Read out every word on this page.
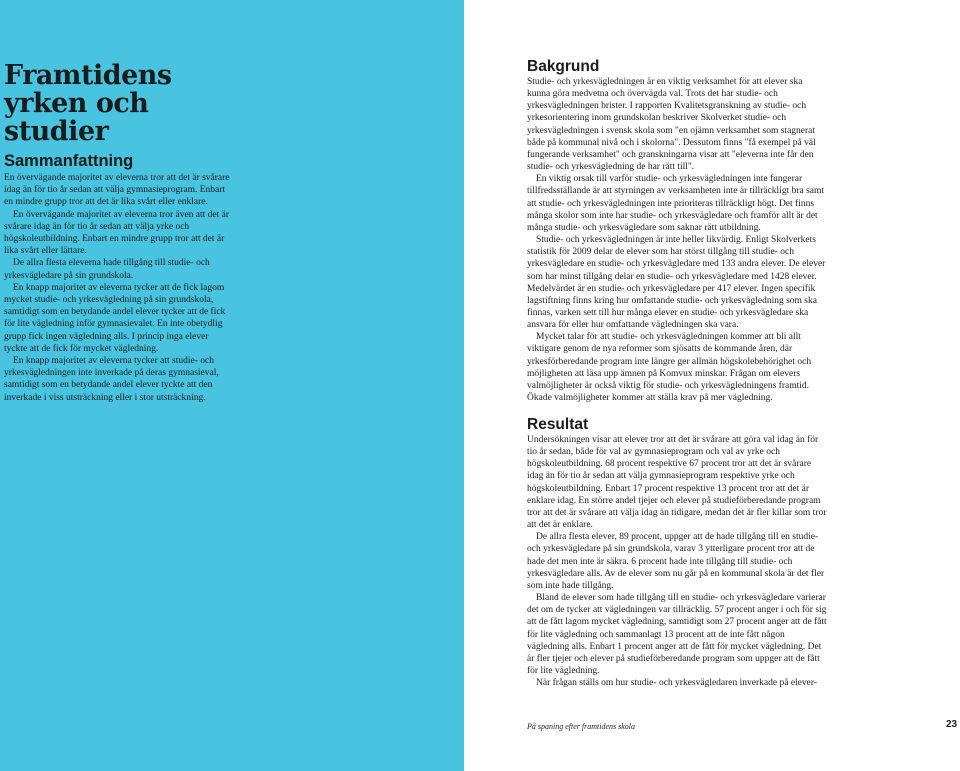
Framtidens
yrken och
studier
Sammanfattning

En övervägande majoritet av eleverna tror att det är svårare idag än för tio år sedan att välja gymnasieprogram. Enbart en mindre grupp tror att det är lika svårt eller enklare.

En övervägande majoritet av eleverna tror även att det är svårare idag än för tio år sedan att välja yrke och högskoleutbildning. Enbart en mindre grupp tror att det är lika svårt eller lättare.

De allra flesta eleverna hade tillgång till studie- och yrkesvägledare på sin grundskola.

En knapp majoritet av eleverna tycker att de fick lagom mycket studie- och yrkesvägledning på sin grundskola, samtidigt som en betydande andel elever tycker att de fick för lite vägledning inför gymnasievalet. En inte obetydlig grupp fick ingen vägledning alls. I princip inga elever tyckte att de fick för mycket vägledning.

En knapp majoritet av eleverna tycker att studie- och yrkesvägledningen inte inverkade på deras gymnasieval, samtidigt som en betydande andel elever tyckte att den inverkade i viss utsträckning eller i stor utsträckning.

Bakgrund

Studie- och yrkesvägledningen är en viktig verksamhet för att elever ska kunna göra medvetna och övervägda val. Trots det har studie- och yrkesvägledningen brister. I rapporten Kvalitetsgranskning av studie- och yrkesorientering inom grundskolan beskriver Skolverket studie- och yrkesvägledningen i svensk skola som "en ojämn verksamhet som stagnerat både på kommunal nivå och i skolorna". Dessutom finns "få exempel på väl fungerande verksamhet" och granskningarna visar att "eleverna inte får den studie- och yrkesvägledning de har rätt till".

En viktig orsak till varför studie- och yrkesvägledningen inte fungerar tillfredsställande är att styrningen av verksamheten inte är tillräckligt bra samt att studie- och yrkesvägledningen inte prioriteras tillräckligt högt. Det finns många skolor som inte har studie- och yrkesvägledare och framför allt är det många studie- och yrkesvägledare som saknar rätt utbildning.

Studie- och yrkesvägledningen är inte heller likvärdig. Enligt Skolverkets statistik för 2009 delar de elever som har störst tillgång till studie- och yrkesvägledare en studie- och yrkesvägledare med 133 andra elever. De elever som har minst tillgång delar en studie- och yrkesvägledare med 1428 elever. Medelvärdet är en studie- och yrkesvägledare per 417 elever. Ingen specifik lagstiftning finns kring hur omfattande studie- och yrkesvägledning som ska finnas, varken sett till hur många elever en studie- och yrkesvägledare ska ansvara för eller hur omfattande vägledningen ska vara.

Mycket talar för att studie- och yrkesvägledningen kommer att bli allt viktigare genom de nya reformer som sjösatts de kommande åren, där yrkesförberedande program inte längre ger allmän högskolebehörighet och möjligheten att läsa upp ämnen på Komvux minskar. Frågan om elevers valmöjligheter är också viktig för studie- och yrkesvägledningens framtid. Ökade valmöjligheter kommer att ställa krav på mer vägledning.

Resultat

Undersökningen visar att elever tror att det är svårare att göra val idag än för tio år sedan, både för val av gymnasieprogram och val av yrke och högskoleutbildning. 68 procent respektive 67 procent tror att det är svårare idag än för tio år sedan att välja gymnasieprogram respektive yrke och högskoleutbildning. Enbart 17 procent respektive 13 procent tror att det är enklare idag. En större andel tjejer och elever på studieförberedande program tror att det är svårare att välja idag än tidigare, medan det är fler killar som tror att det är enklare.

De allra flesta elever, 89 procent, uppger att de hade tillgång till en studie- och yrkesvägledare på sin grundskola, varav 3 ytterligare procent tror att de hade det men inte är säkra. 6 procent hade inte tillgång till studie- och yrkesvägledare alls. Av de elever som nu går på en kommunal skola är det fler som inte hade tillgång.

Bland de elever som hade tillgång till en studie- och yrkesvägledare varierar det om de tycker att vägledningen var tillräcklig. 57 procent anger i och för sig att de fått lagom mycket vägledning, samtidigt som 27 procent anger att de fått för lite vägledning och sammanlagt 13 procent att de inte fått någon vägledning alls. Enbart 1 procent anger att de fått för mycket vägledning. Det är fler tjejer och elever på studieförberedande program som uppger att de fått för lite vägledning.

När frågan ställs om hur studie- och yrkesvägledaren inverkade på elever-

På spaning efter framtidens skola	23
